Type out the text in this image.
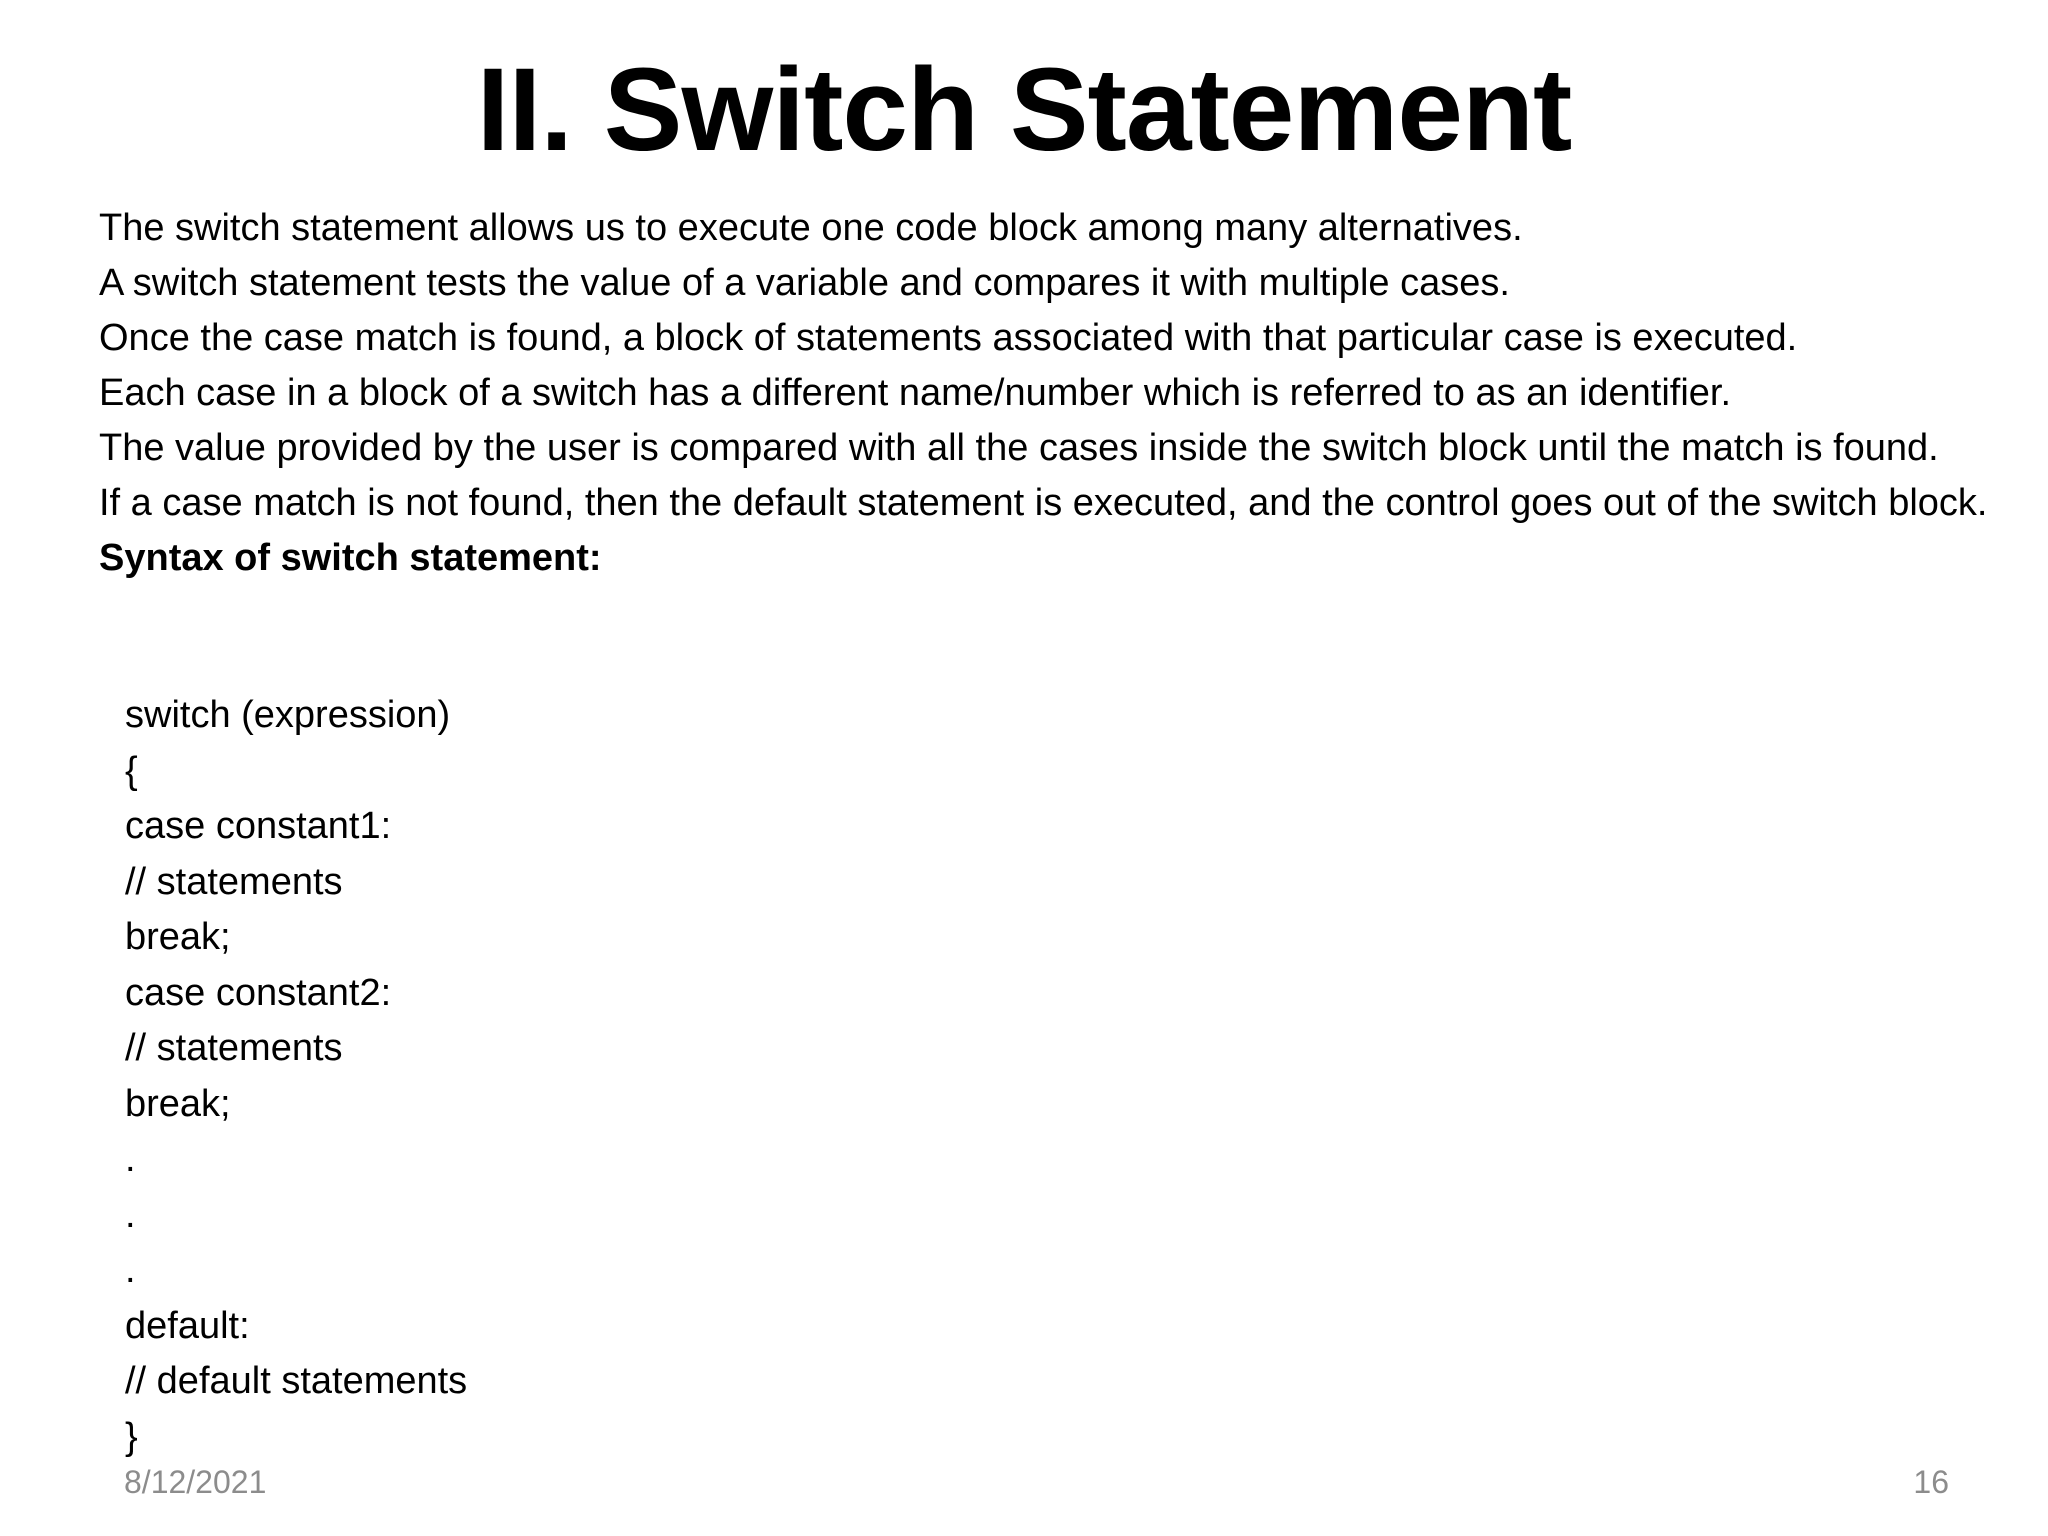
II. Switch Statement

The switch statement allows us to execute one code block among many alternatives.

A switch statement tests the value of a variable and compares it with multiple cases.

Once the case match is found, a block of statements associated with that particular case is executed.

Each case in a block of a switch has a different name/number which is referred to as an identifier.

The value provided by the user is compared with all the cases inside the switch block until the match is found.

If a case match is not found, then the default statement is executed, and the control goes out of the switch block.

Syntax of switch statement:

switch (expression)
{
case constant1:
// statements
break;
case constant2:
// statements
break;
.
.
.
default:
// default statements
}
8/12/2021	16
